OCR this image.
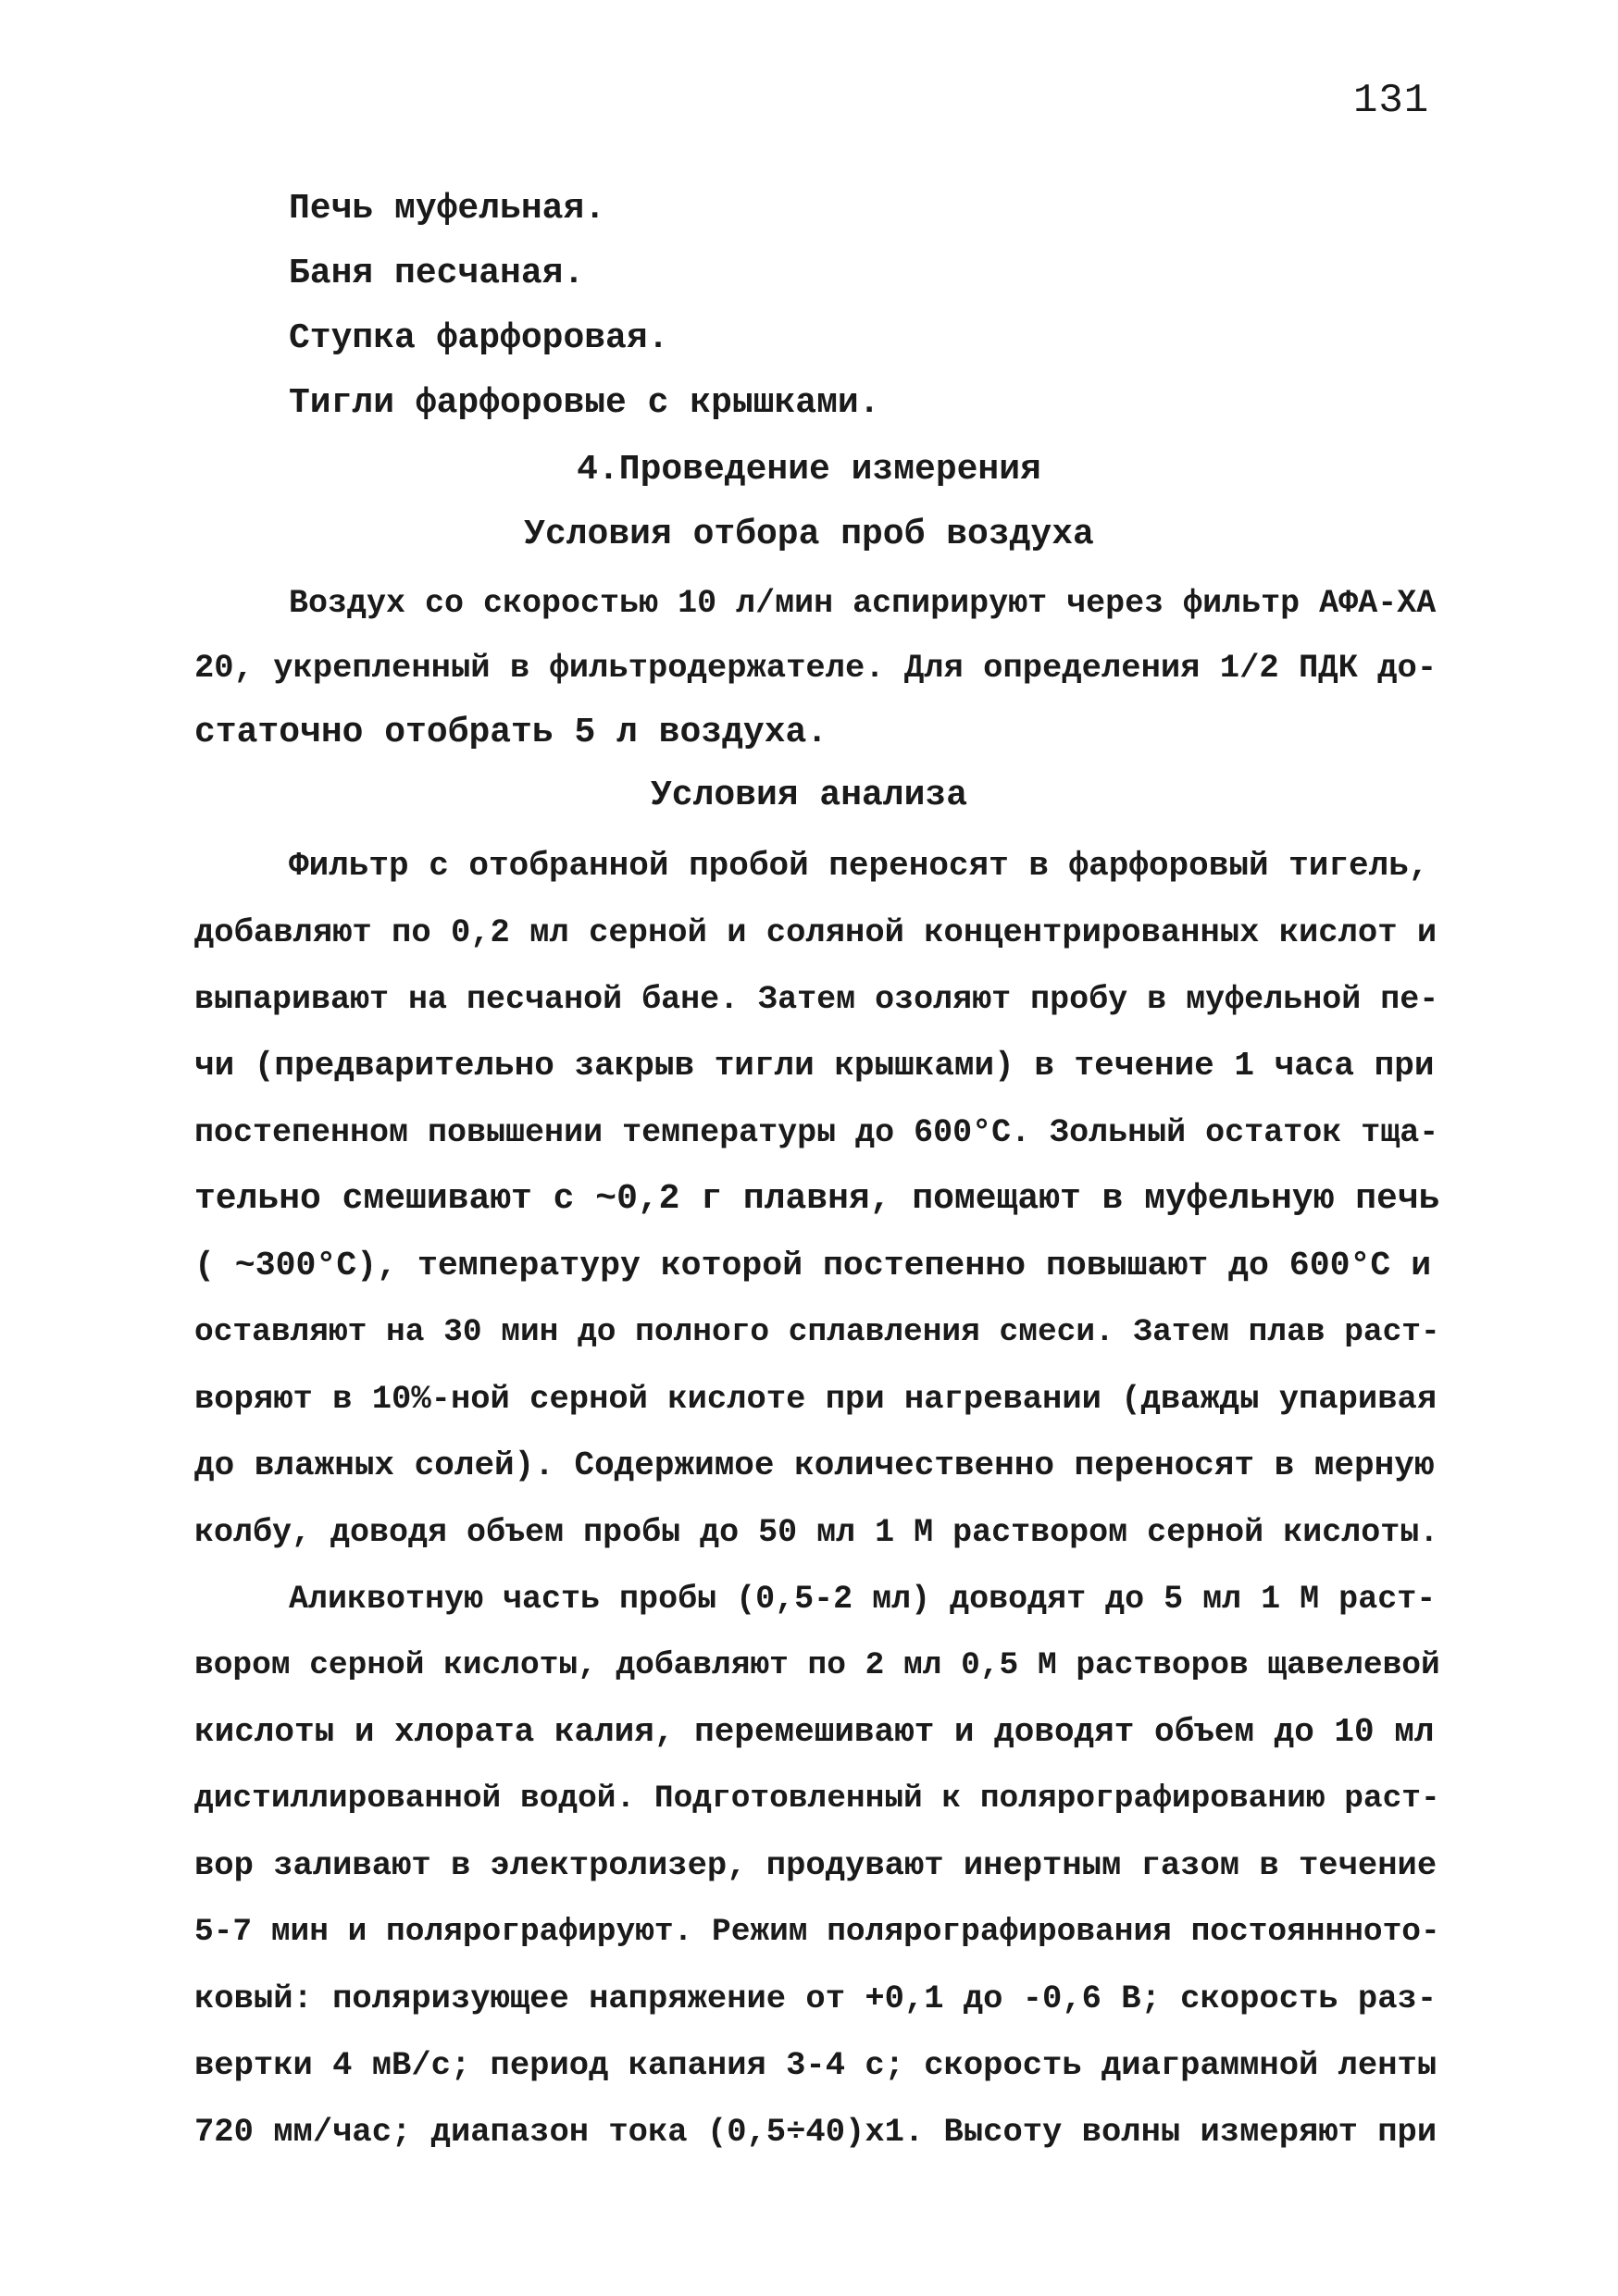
131
Печь муфельная.
Баня песчаная.
Ступка фарфоровая.
Тигли фарфоровые с крышками.
4.Проведение измерения
Условия отбора проб воздуха
Воздух со скоростью 10 л/мин аспирируют через фильтр АФА-ХА
20, укрепленный в фильтродержателе. Для определения 1/2 ПДК до-
статочно отобрать 5 л воздуха.
Условия анализа
Фильтр с отобранной пробой переносят в фарфоровый тигель,
добавляют по 0,2 мл серной и соляной концентрированных кислот и
выпаривают на песчаной бане. Затем озоляют пробу в муфельной пе-
чи (предварительно закрыв тигли крышками) в течение 1 часа при
постепенном повышении температуры до 600°С. Зольный остаток тща-
тельно смешивают с ~0,2 г плавня, помещают в муфельную печь
( ~300°С), температуру которой постепенно повышают до 600°С и
оставляют на 30 мин до полного сплавления смеси. Затем плав раст-
воряют в 10%-ной серной кислоте при нагревании (дважды упаривая
до влажных солей). Содержимое количественно переносят в мерную
колбу, доводя объем пробы до 50 мл 1 М раствором серной кислоты.
Аликвотную часть пробы (0,5-2 мл) доводят до 5 мл 1 М раст-
вором серной кислоты, добавляют по 2 мл 0,5 М растворов щавелевой
кислоты и хлората калия, перемешивают и доводят объем до 10 мл
дистиллированной водой. Подготовленный к полярографированию раст-
вор заливают в электролизер, продувают инертным газом в течение
5-7 мин и полярографируют. Режим полярографирования постояннното-
ковый: поляризующее напряжение от +0,1 до -0,6 В; скорость раз-
вертки 4 мВ/с; период капания 3-4 с; скорость диаграммной ленты
720 мм/час; диапазон тока (0,5÷40)х1. Высоту волны измеряют при
